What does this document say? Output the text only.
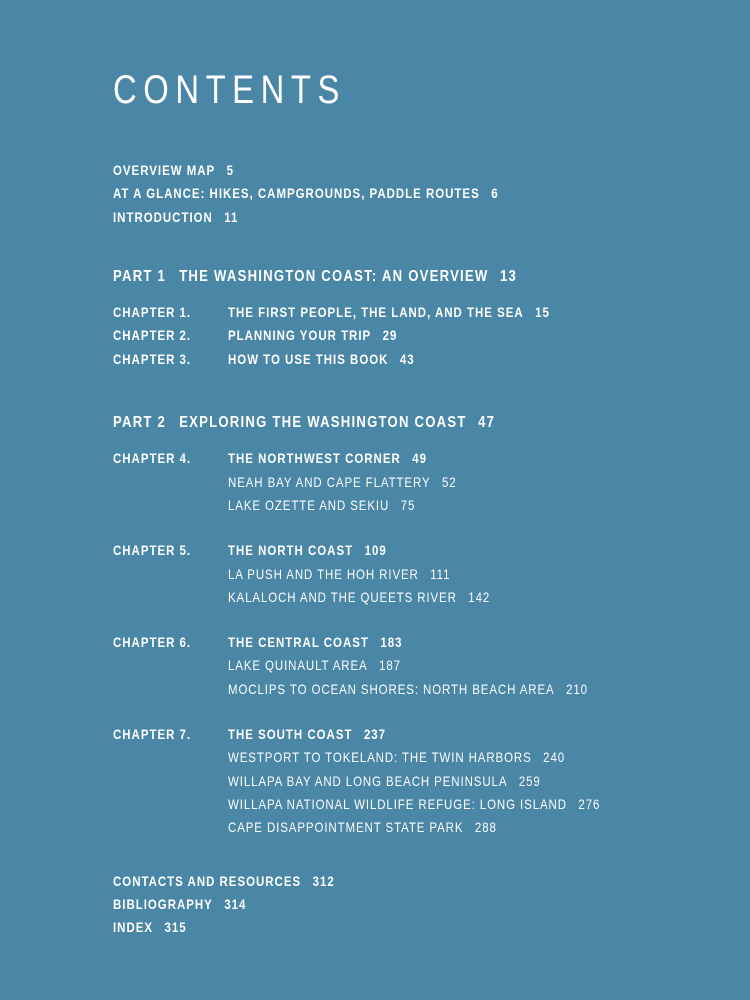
CONTENTS
OVERVIEW MAP 5
AT A GLANCE: HIKES, CAMPGROUNDS, PADDLE ROUTES 6
INTRODUCTION 11
PART 1 THE WASHINGTON COAST: AN OVERVIEW 13
CHAPTER 1.	THE FIRST PEOPLE, THE LAND, AND THE SEA 15
CHAPTER 2.	PLANNING YOUR TRIP 29
CHAPTER 3.	HOW TO USE THIS BOOK 43
PART 2 EXPLORING THE WASHINGTON COAST 47
CHAPTER 4.	THE NORTHWEST CORNER 49
NEAH BAY AND CAPE FLATTERY 52
LAKE OZETTE AND SEKIU 75
CHAPTER 5.	THE NORTH COAST 109
LA PUSH AND THE HOH RIVER 111
KALALOCH AND THE QUEETS RIVER 142
CHAPTER 6.	THE CENTRAL COAST 183
LAKE QUINAULT AREA 187
MOCLIPS TO OCEAN SHORES: NORTH BEACH AREA 210
CHAPTER 7.	THE SOUTH COAST 237
WESTPORT TO TOKELAND: THE TWIN HARBORS 240
WILLAPA BAY AND LONG BEACH PENINSULA 259
WILLAPA NATIONAL WILDLIFE REFUGE: LONG ISLAND 276
CAPE DISAPPOINTMENT STATE PARK 288
CONTACTS AND RESOURCES 312
BIBLIOGRAPHY 314
INDEX 315
